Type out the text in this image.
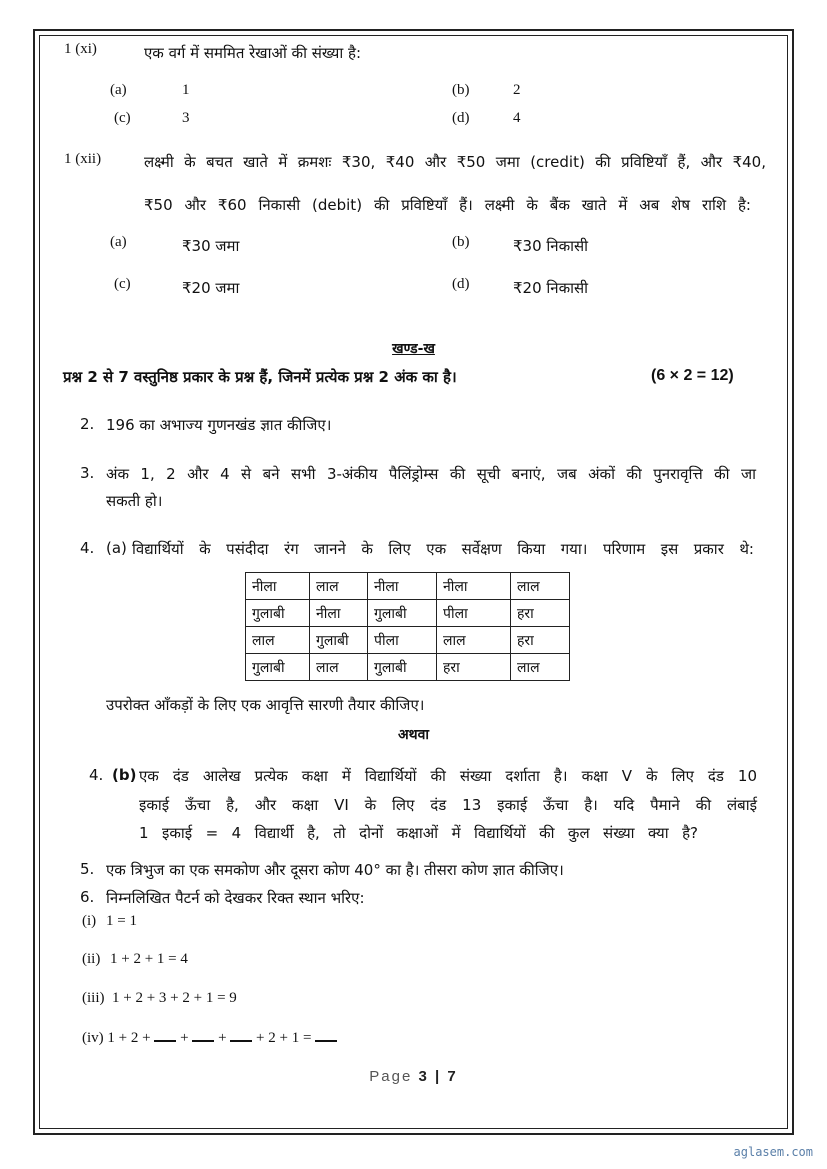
1 (xi)	एक वर्ग में सममित रेखाओं की संख्या है:
(a)	1	(b)	2
(c)	3	(d)	4
1 (xii)	लक्ष्मी के बचत खाते में क्रमशः ₹30, ₹40 और ₹50 जमा (credit) की प्रविष्टियाँ हैं, और ₹40,
₹50 और ₹60 निकासी (debit) की प्रविष्टियाँ हैं। लक्ष्मी के बैंक खाते में अब शेष राशि है:
(a)	₹30 जमा	(b)	₹30 निकासी
(c)	₹20 जमा	(d)	₹20 निकासी
खण्ड-ख
प्रश्न 2 से 7 वस्तुनिष्ठ प्रकार के प्रश्न हैं, जिनमें प्रत्येक प्रश्न 2 अंक का है।	(6 × 2 = 12)
2. 196 का अभाज्य गुणनखंड ज्ञात कीजिए।
3. अंक 1, 2 और 4 से बने सभी 3-अंकीय पैलिंड्रोम्स की सूची बनाएं, जब अंकों की पुनरावृत्ति की जा
सकती हो।
4. (a) विद्यार्थियों के पसंदीदा रंग जानने के लिए एक सर्वेक्षण किया गया। परिणाम इस प्रकार थे:
नीला	लाल	नीला	नीला	लाल
गुलाबी	नीला	गुलाबी	पीला	हरा
लाल	गुलाबी	पीला	लाल	हरा
गुलाबी	लाल	गुलाबी	हरा	लाल
उपरोक्त आँकड़ों के लिए एक आवृत्ति सारणी तैयार कीजिए।
अथवा
4. (b) एक दंड आलेख प्रत्येक कक्षा में विद्यार्थियों की संख्या दर्शाता है। कक्षा V के लिए दंड 10
इकाई ऊँचा है, और कक्षा VI के लिए दंड 13 इकाई ऊँचा है। यदि पैमाने की लंबाई
1 इकाई = 4 विद्यार्थी है, तो दोनों कक्षाओं में विद्यार्थियों की कुल संख्या क्या है?
5. एक त्रिभुज का एक समकोण और दूसरा कोण 40° का है। तीसरा कोण ज्ञात कीजिए।
6. निम्नलिखित पैटर्न को देखकर रिक्त स्थान भरिए:
(i) 1 = 1
(ii) 1 + 2 + 1 = 4
(iii) 1 + 2 + 3 + 2 + 1 = 9
(iv) 1 + 2 + + + + 2 + 1 =
Page 3 | 7
aglasem.com
